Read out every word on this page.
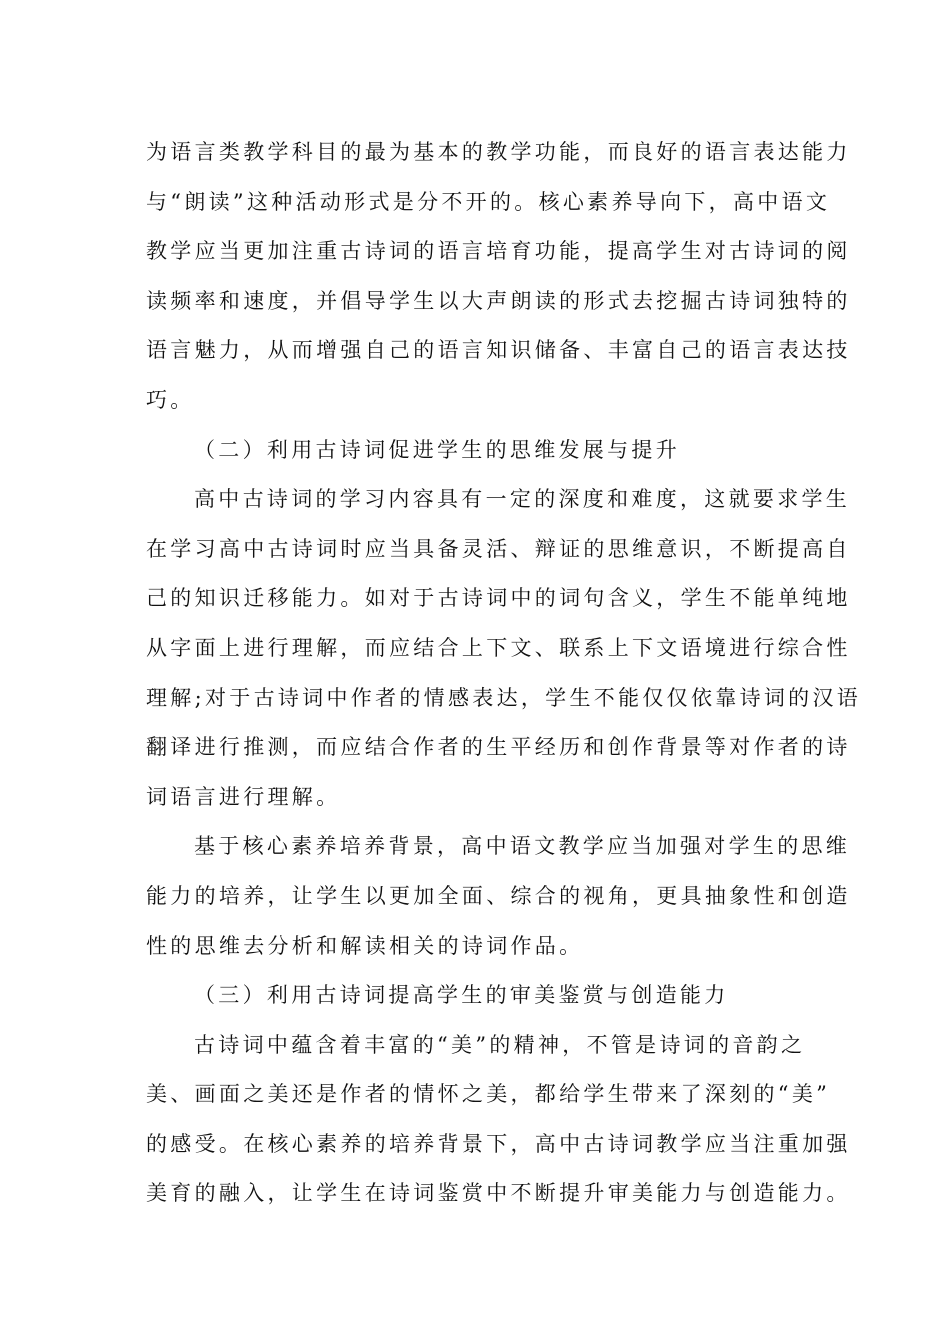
为语言类教学科目的最为基本的教学功能，而良好的语言表达能力
与“朗读”这种活动形式是分不开的。核心素养导向下，高中语文
教学应当更加注重古诗词的语言培育功能，提高学生对古诗词的阅
读频率和速度，并倡导学生以大声朗读的形式去挖掘古诗词独特的
语言魅力，从而增强自己的语言知识储备、丰富自己的语言表达技
巧。
（二）利用古诗词促进学生的思维发展与提升
高中古诗词的学习内容具有一定的深度和难度，这就要求学生
在学习高中古诗词时应当具备灵活、辩证的思维意识，不断提高自
己的知识迁移能力。如对于古诗词中的词句含义，学生不能单纯地
从字面上进行理解，而应结合上下文、联系上下文语境进行综合性
理解;对于古诗词中作者的情感表达，学生不能仅仅依靠诗词的汉语
翻译进行推测，而应结合作者的生平经历和创作背景等对作者的诗
词语言进行理解。
基于核心素养培养背景，高中语文教学应当加强对学生的思维
能力的培养，让学生以更加全面、综合的视角，更具抽象性和创造
性的思维去分析和解读相关的诗词作品。
（三）利用古诗词提高学生的审美鉴赏与创造能力
古诗词中蕴含着丰富的“美”的精神，不管是诗词的音韵之
美、画面之美还是作者的情怀之美，都给学生带来了深刻的“美”
的感受。在核心素养的培养背景下，高中古诗词教学应当注重加强
美育的融入，让学生在诗词鉴赏中不断提升审美能力与创造能力。
